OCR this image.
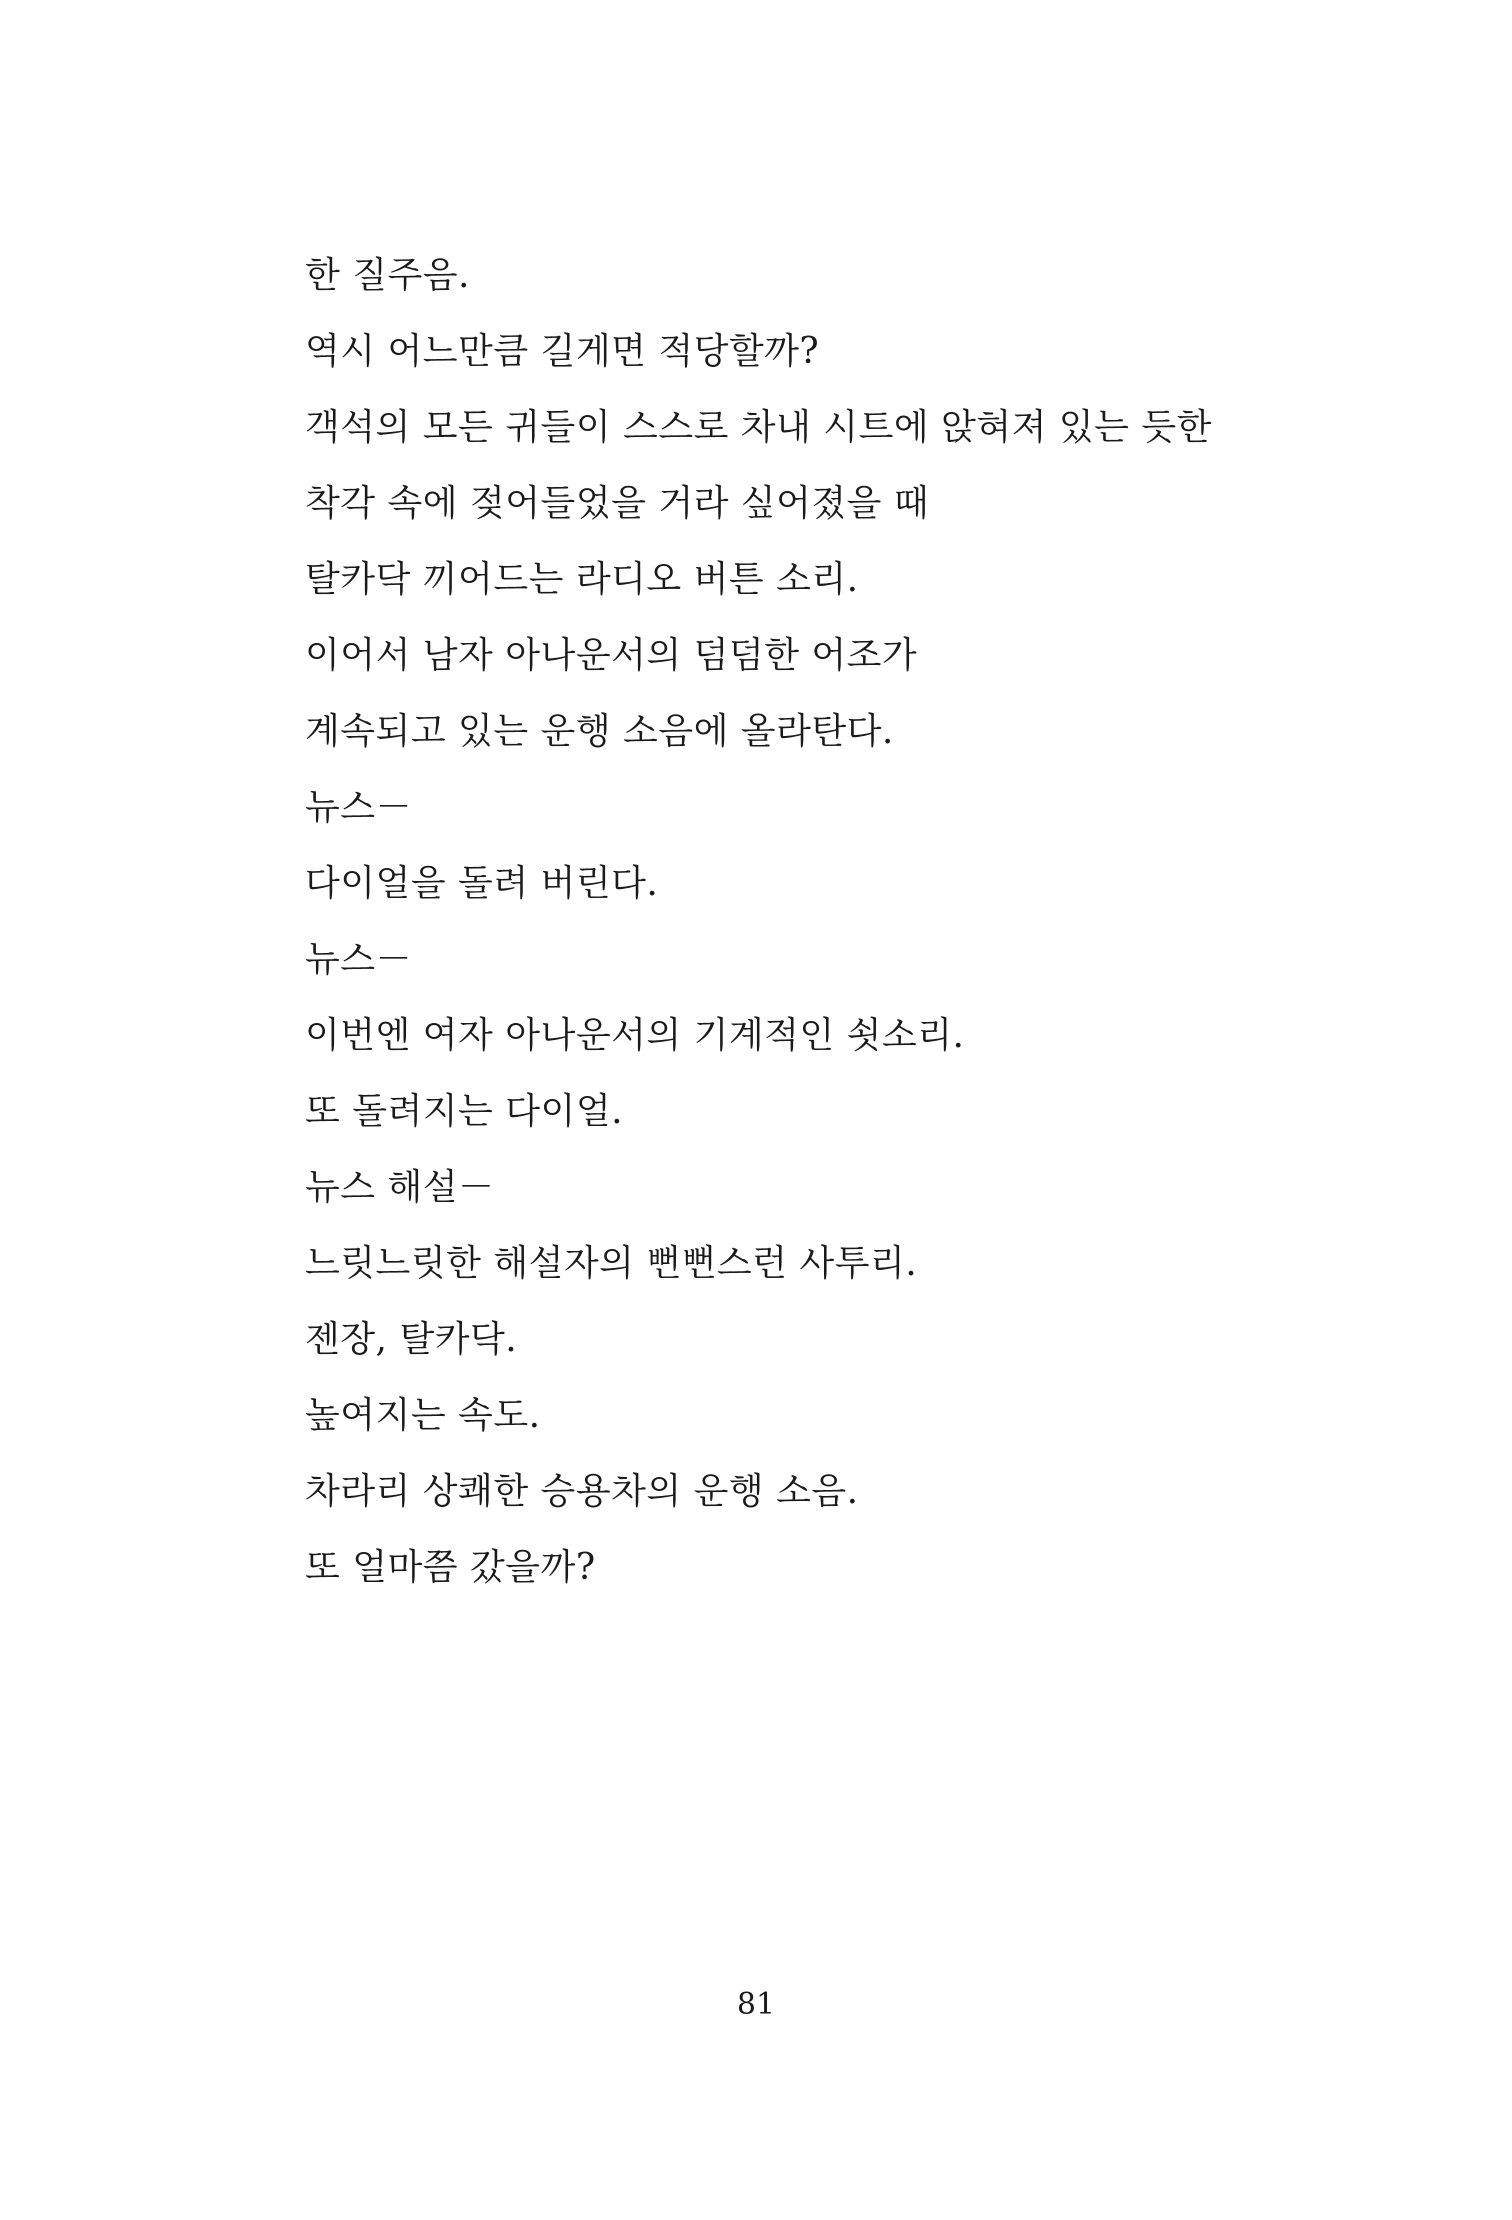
한 질주음.
역시 어느만큼 길게면 적당할까?
객석의 모든 귀들이 스스로 차내 시트에 앉혀져 있는 듯한
착각 속에 젖어들었을 거라 싶어졌을 때
탈카닥 끼어드는 라디오 버튼 소리.
이어서 남자 아나운서의 덤덤한 어조가
계속되고 있는 운행 소음에 올라탄다.
뉴스－
다이얼을 돌려 버린다.
뉴스－
이번엔 여자 아나운서의 기계적인 쇳소리.
또 돌려지는 다이얼.
뉴스 해설－
느릿느릿한 해설자의 뻔뻔스런 사투리.
젠장, 탈카닥.
높여지는 속도.
차라리 상쾌한 승용차의 운행 소음.
또 얼마쯤 갔을까?
81
